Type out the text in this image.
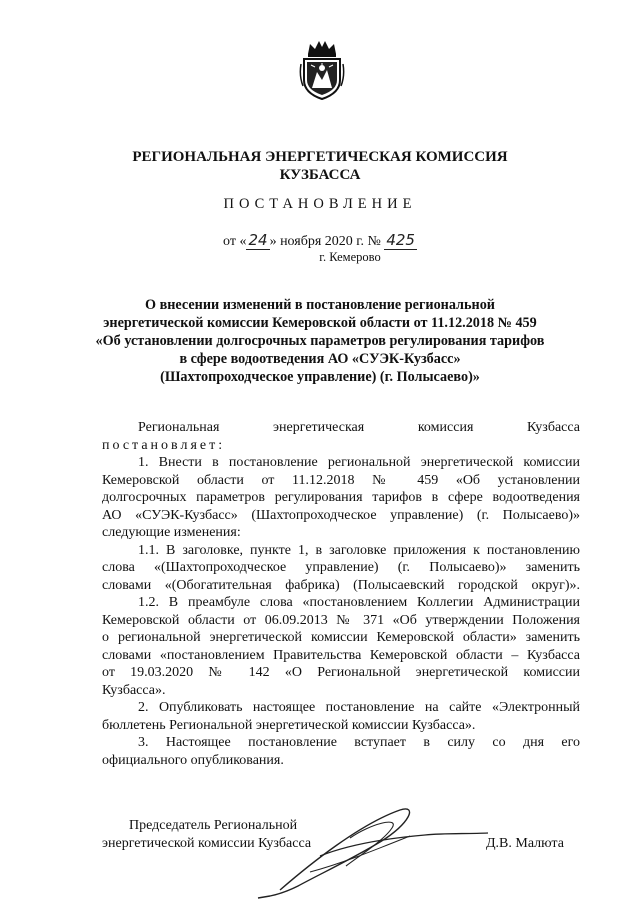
РЕГИОНАЛЬНАЯ ЭНЕРГЕТИЧЕСКАЯ КОМИССИЯ
КУЗБАССА
ПОСТАНОВЛЕНИЕ
от « 24 » ноября 2020 г. № 425
г. Кемерово
О внесении изменений в постановление региональной
энергетической комиссии Кемеровской области от 11.12.2018 № 459
«Об установлении долгосрочных параметров регулирования тарифов
в сфере водоотведения АО «СУЭК-Кузбасс»
(Шахтопроходческое управление) (г. Полысаево)»
Региональная энергетическая комиссия Кузбасса
постановляет:
1. Внести в постановление региональной энергетической комиссии
Кемеровской области от 11.12.2018 № 459 «Об установлении
долгосрочных параметров регулирования тарифов в сфере водоотведения
АО «СУЭК-Кузбасс» (Шахтопроходческое управление) (г. Полысаево)»
следующие изменения:
1.1. В заголовке, пункте 1, в заголовке приложения к постановлению
слова «(Шахтопроходческое управление) (г. Полысаево)» заменить
словами «(Обогатительная фабрика) (Полысаевский городской округ)».
1.2. В преамбуле слова «постановлением Коллегии Администрации
Кемеровской области от 06.09.2013 № 371 «Об утверждении Положения
о региональной энергетической комиссии Кемеровской области» заменить
словами «постановлением Правительства Кемеровской области – Кузбасса
от 19.03.2020 № 142 «О Региональной энергетической комиссии
Кузбасса».
2. Опубликовать настоящее постановление на сайте «Электронный
бюллетень Региональной энергетической комиссии Кузбасса».
3. Настоящее постановление вступает в силу со дня его
официального опубликования.
Председатель Региональной
энергетической комиссии Кузбасса	Д.В. Малюта
